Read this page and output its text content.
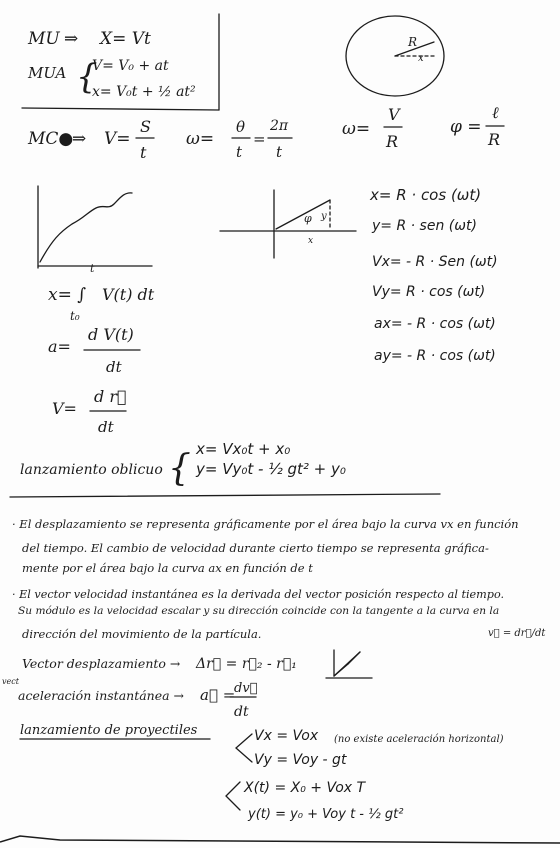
MU ⇒ X= Vt
MUA {
V= V₀ + at
x= V₀t + ½ at²
R
x
MC●
⇒ V=
S
t
ω=
θ
t
=
2π
t
ω=
V
R
φ =
ℓ
R
φ y
x
x= R · cos (ωt)
y= R · sen (ωt)
Vx= - R · Sen (ωt)
Vy= R · cos (ωt)
ax= - R · cos (ωt)
ay= - R · cos (ωt)
x= ∫
t
t₀
V(t) dt
a=
d V(t)
dt
V=
d r⃗
dt
lanzamiento oblicuo { x= Vx₀t + x₀
y= Vy₀t - ½ gt² + y₀
· El desplazamiento se representa gráficamente por el área bajo la curva vx en función
del tiempo. El cambio de velocidad durante cierto tiempo se representa gráfica-
mente por el área bajo la curva ax en función de t
· El vector velocidad instantánea es la derivada del vector posición respecto al tiempo.
Su módulo es la velocidad escalar y su dirección coincide con la tangente a la curva en la
dirección del movimiento de la partícula.	v⃗ = dr⃗/dt
Vector desplazamiento → Δr⃗ = r⃗₂ - r⃗₁
vect
aceleración instantánea → a⃗ =
dv⃗
dt
lanzamiento de proyectiles	Vx = Vox (no existe aceleración horizontal)
Vy = Voy - gt
X(t) = X₀ + Vox T
y(t) = y₀ + Voy t - ½ gt²
